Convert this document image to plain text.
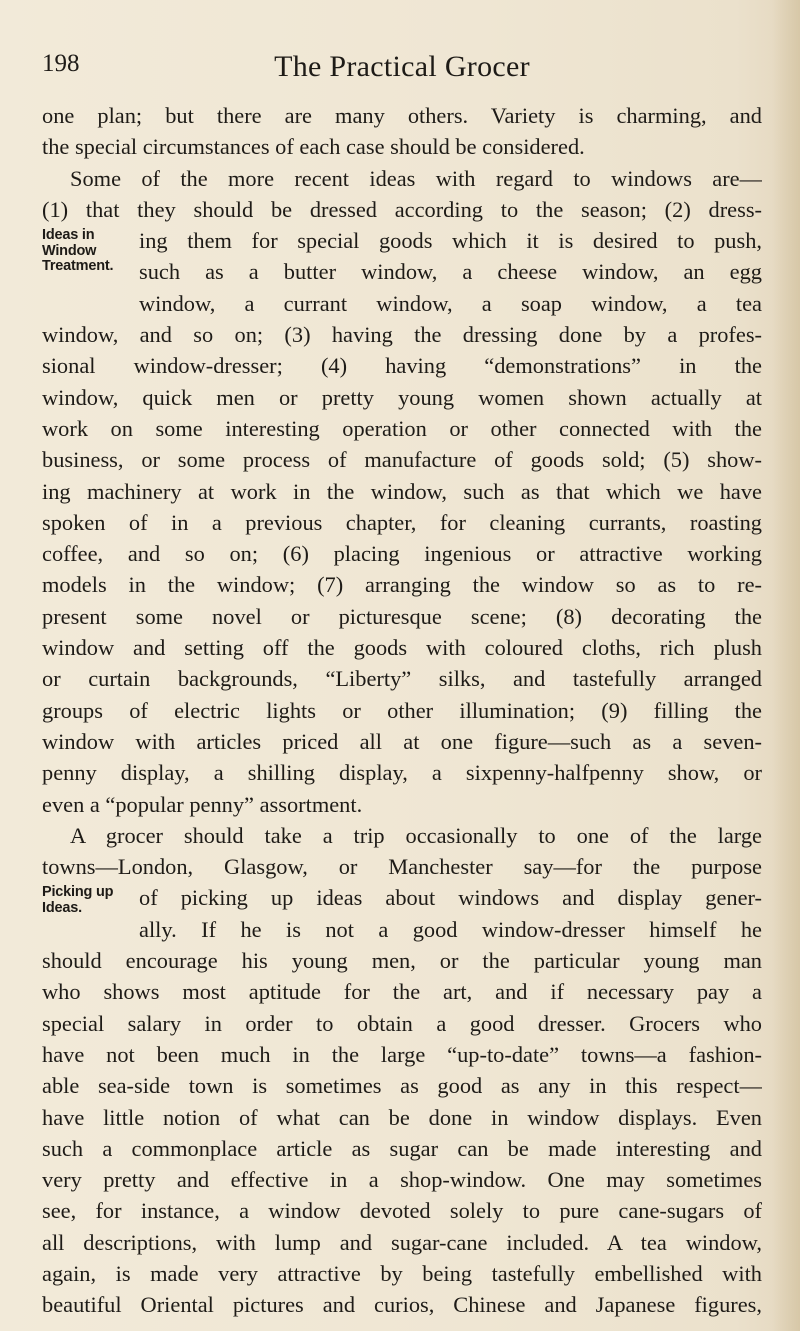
198	The Practical Grocer
Ideas in
Window
Treatment.
Picking up
Ideas.
one plan; but there are many others. Variety is charming, and
the special circumstances of each case should be considered.
Some of the more recent ideas with regard to windows are—
(1) that they should be dressed according to the season; (2) dress-
ing them for special goods which it is desired to push,
such as a butter window, a cheese window, an egg
window, a currant window, a soap window, a tea
window, and so on; (3) having the dressing done by a profes-
sional window-dresser; (4) having “demonstrations” in the
window, quick men or pretty young women shown actually at
work on some interesting operation or other connected with the
business, or some process of manufacture of goods sold; (5) show-
ing machinery at work in the window, such as that which we have
spoken of in a previous chapter, for cleaning currants, roasting
coffee, and so on; (6) placing ingenious or attractive working
models in the window; (7) arranging the window so as to re-
present some novel or picturesque scene; (8) decorating the
window and setting off the goods with coloured cloths, rich plush
or curtain backgrounds, “Liberty” silks, and tastefully arranged
groups of electric lights or other illumination; (9) filling the
window with articles priced all at one figure—such as a seven-
penny display, a shilling display, a sixpenny-halfpenny show, or
even a “popular penny” assortment.
A grocer should take a trip occasionally to one of the large
towns—London, Glasgow, or Manchester say—for the purpose
of picking up ideas about windows and display gener-
ally. If he is not a good window-dresser himself he
should encourage his young men, or the particular young man
who shows most aptitude for the art, and if necessary pay a
special salary in order to obtain a good dresser. Grocers who
have not been much in the large “up-to-date” towns—a fashion-
able sea-side town is sometimes as good as any in this respect—
have little notion of what can be done in window displays. Even
such a commonplace article as sugar can be made interesting and
very pretty and effective in a shop-window. One may sometimes
see, for instance, a window devoted solely to pure cane-sugars of
all descriptions, with lump and sugar-cane included. A tea window,
again, is made very attractive by being tastefully embellished with
beautiful Oriental pictures and curios, Chinese and Japanese figures,
